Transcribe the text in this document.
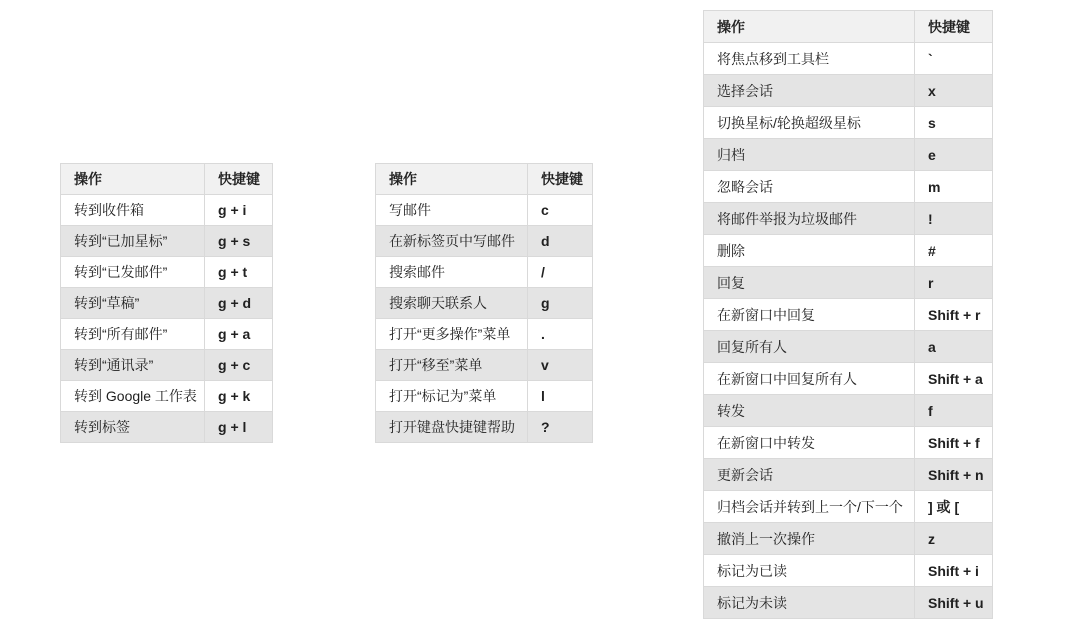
操作	快捷键
转到收件箱	g + i
转到“已加星标”	g + s
转到“已发邮件”	g + t
转到“草稿”	g + d
转到“所有邮件”	g + a
转到“通讯录”	g + c
转到 Google 工作表	g + k
转到标签	g + l
操作	快捷键
写邮件	c
在新标签页中写邮件	d
搜索邮件	/
搜索聊天联系人	g
打开“更多操作”菜单	.
打开“移至”菜单	v
打开“标记为”菜单	l
打开键盘快捷键帮助	?
操作	快捷键
将焦点移到工具栏	`
选择会话	x
切换星标/轮换超级星标	s
归档	e
忽略会话	m
将邮件举报为垃圾邮件	!
删除	#
回复	r
在新窗口中回复	Shift + r
回复所有人	a
在新窗口中回复所有人	Shift + a
转发	f
在新窗口中转发	Shift + f
更新会话	Shift + n
归档会话并转到上一个/下一个	] 或 [
撤消上一次操作	z
标记为已读	Shift + i
标记为未读	Shift + u
